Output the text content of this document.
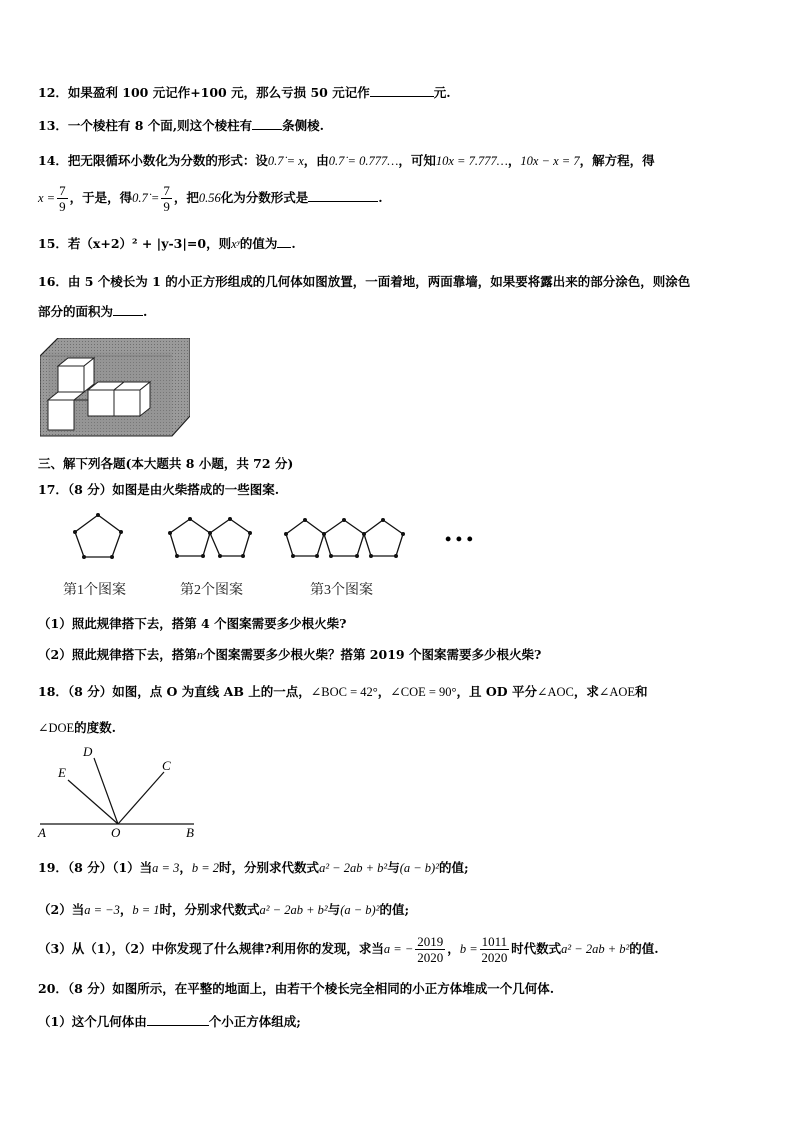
12．如果盈利 100 元记作+100 元，那么亏损 50 元记作	元.
13．一个棱柱有 8 个面,则这个棱柱有 条侧棱.
14．把无限循环小数化为分数的形式：设0.7̇ = x，由0.7̇ = 0.777…，可知10x = 7.777…，10x − x = 7，解方程，得
$x = \frac{7}{9}$ ，于是，得0.7̇ = $\frac{7}{9}$ ，把0.5̇6̇化为分数形式是	.
15．若（x+2）² + |y-3|=0，则xʸ的值为 .
16．由 5 个棱长为 1 的小正方形组成的几何体如图放置，一面着地，两面靠墙，如果要将露出来的部分涂色，则涂色
部分的面积为 .
三、解下列各题(本大题共 8 小题，共 72 分)
17．（8 分）如图是由火柴搭成的一些图案.
• • •
第1个图案	第2个图案	第3个图案
（1）照此规律搭下去，搭第 4 个图案需要多少根火柴?
（2）照此规律搭下去，搭第n个图案需要多少根火柴？搭第 2019 个图案需要多少根火柴?
18．（8 分）如图，点 O 为直线 AB 上的一点，∠BOC = 42°，∠COE = 90°，且 OD 平分∠AOC，求∠AOE和
∠DOE的度数.
D
E	C
A	O	B
19．（8 分）（1）当a = 3，b = 2时，分别求代数式a² − 2ab + b²与(a − b)²的值;
（2）当a = −3，b = 1时，分别求代数式a² − 2ab + b²与(a − b)²的值;
（3）从（1），（2）中你发现了什么规律?利用你的发现，求当a = − $\frac{2019}{2020}$ ，$b = \frac{1011}{2020}$ 时代数式a² − 2ab + b²的值.
20．（8 分）如图所示，在平整的地面上，由若干个棱长完全相同的小正方体堆成一个几何体.
（1）这个几何体由	个小正方体组成;
